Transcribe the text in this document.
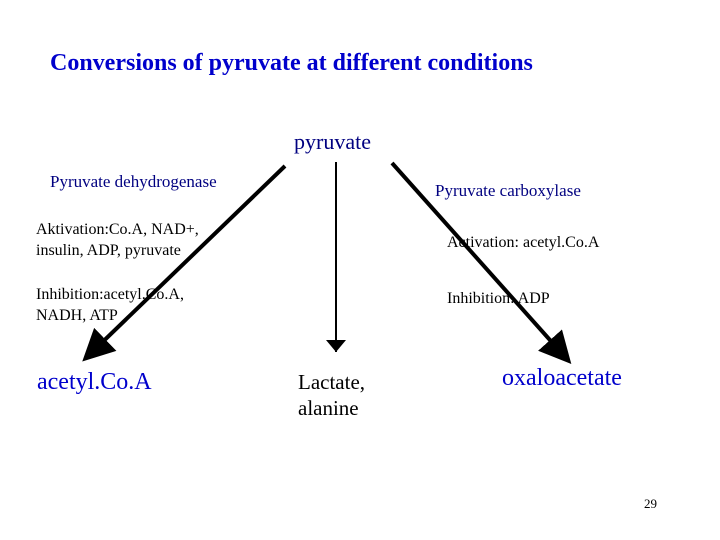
Conversions of pyruvate at different conditions
pyruvate
Pyruvate dehydrogenase	Pyruvate carboxylase
Aktivation:Co.A, NAD+,
insulin, ADP, pyruvate	Activation: acetyl.Co.A
Inhibition:acetyl.Co.A,
NADH, ATP
Inhibition: ADP
acetyl.Co.A	Lactate,
alanine
oxaloacetate
29
